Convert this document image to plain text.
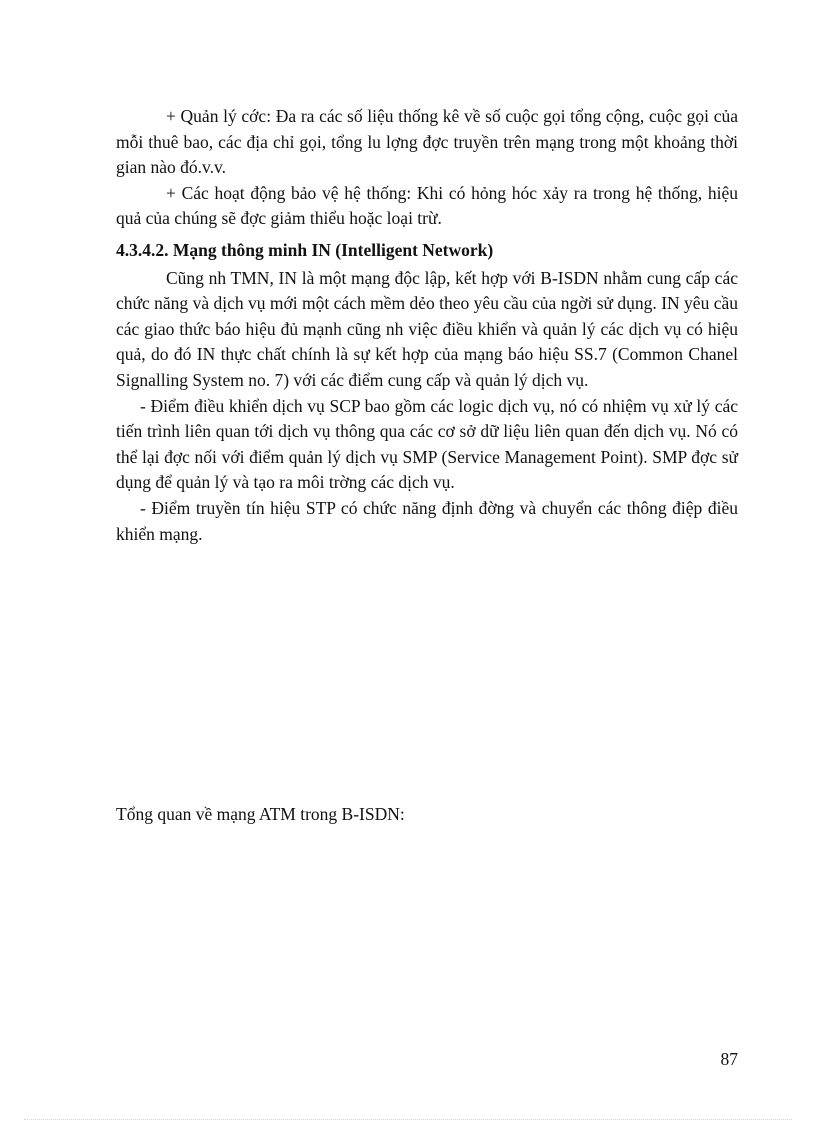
+ Quản lý cớc: Đa ra các số liệu thống kê về số cuộc gọi tổng cộng, cuộc gọi của mỗi thuê bao, các địa chỉ gọi, tổng lu lợng đợc truyền trên mạng trong một khoảng thời gian nào đó.v.v.

+ Các hoạt động bảo vệ hệ thống: Khi có hỏng hóc xảy ra trong hệ thống, hiệu quả của chúng sẽ đợc giảm thiểu hoặc loại trừ.

4.3.4.2. Mạng thông minh IN (Intelligent Network)

Cũng nh TMN, IN là một mạng độc lập, kết hợp với B-ISDN nhằm cung cấp các chức năng và dịch vụ mới một cách mềm dẻo theo yêu cầu của ngời sử dụng. IN yêu cầu các giao thức báo hiệu đủ mạnh cũng nh việc điều khiển và quản lý các dịch vụ có hiệu quả, do đó IN thực chất chính là sự kết hợp của mạng báo hiệu SS.7 (Common Chanel Signalling System no. 7) với các điểm cung cấp và quản lý dịch vụ.

- Điểm điều khiển dịch vụ SCP bao gồm các logic dịch vụ, nó có nhiệm vụ xử lý các tiến trình liên quan tới dịch vụ thông qua các cơ sở dữ liệu liên quan đến dịch vụ. Nó có thể lại đợc nối với điểm quản lý dịch vụ SMP (Service Management Point). SMP đợc sử dụng để quản lý và tạo ra môi trờng các dịch vụ.

- Điểm truyền tín hiệu STP có chức năng định đờng và chuyển các thông điệp điều khiển mạng.

Tổng quan về mạng ATM trong B-ISDN:
87
